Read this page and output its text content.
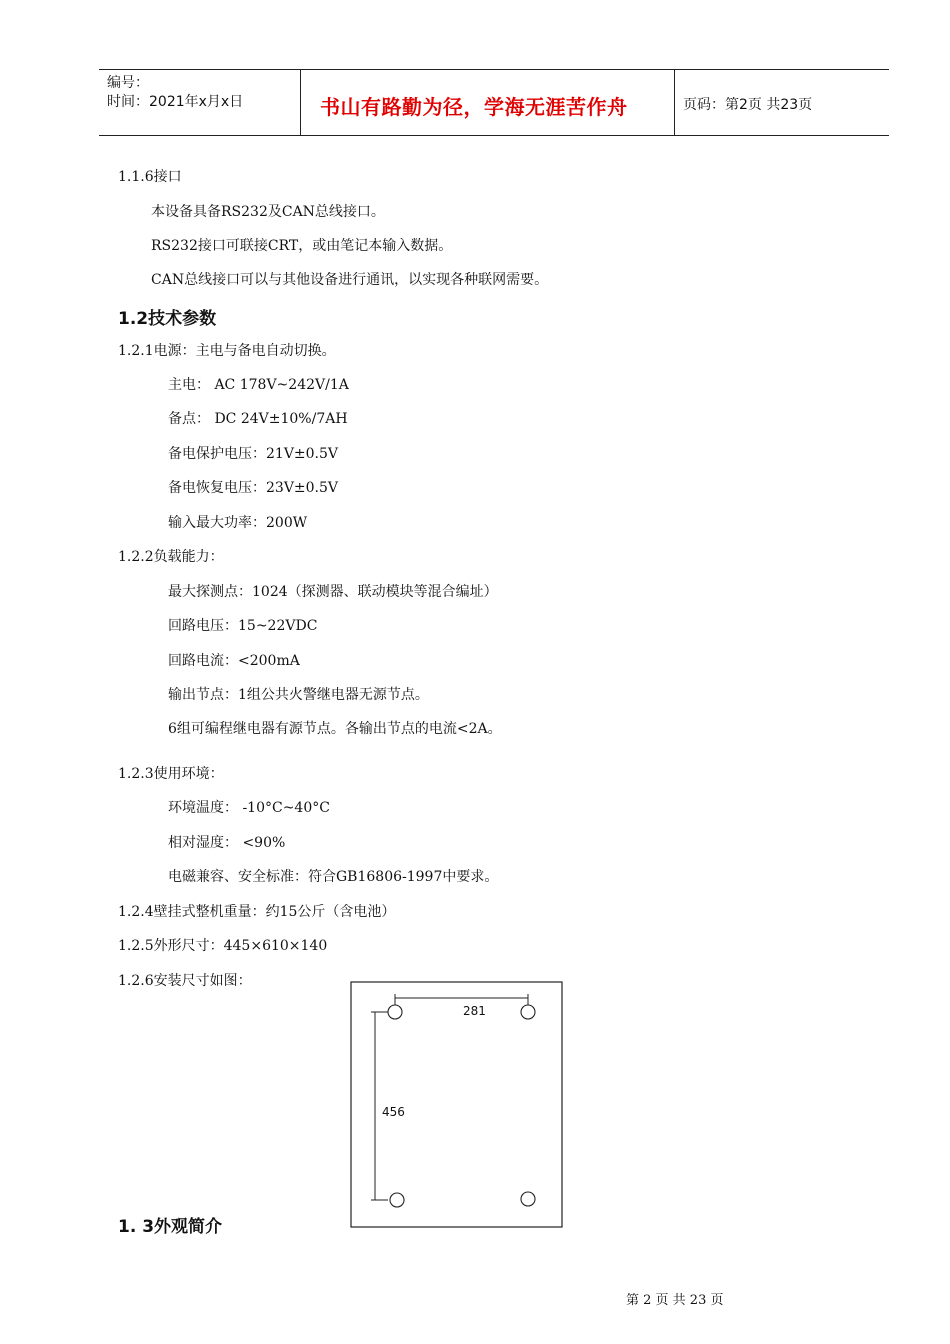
编号：
时间：2021年x月x日	书山有路勤为径，学海无涯苦作舟	页码：第2页 共23页
1.1.6接口
本设备具备RS232及CAN总线接口。
RS232接口可联接CRT，或由笔记本输入数据。
CAN总线接口可以与其他设备进行通讯，以实现各种联网需要。
1.2技术参数
1.2.1电源：主电与备电自动切换。
主电： AC 178V~242V/1A
备点： DC 24V±10%/7AH
备电保护电压：21V±0.5V
备电恢复电压：23V±0.5V
输入最大功率：200W
1.2.2负载能力：
最大探测点：1024（探测器、联动模块等混合编址）
回路电压：15~22VDC
回路电流：<200mA
输出节点：1组公共火警继电器无源节点。
6组可编程继电器有源节点。各输出节点的电流<2A。
1.2.3使用环境：
环境温度： -10°C~40°C
相对湿度： <90%
电磁兼容、安全标准：符合GB16806-1997中要求。
1.2.4壁挂式整机重量：约15公斤（含电池）
1.2.5外形尺寸：445×610×140
1.2.6安装尺寸如图：
281
456
1. 3外观简介
第 2 页 共 23 页
